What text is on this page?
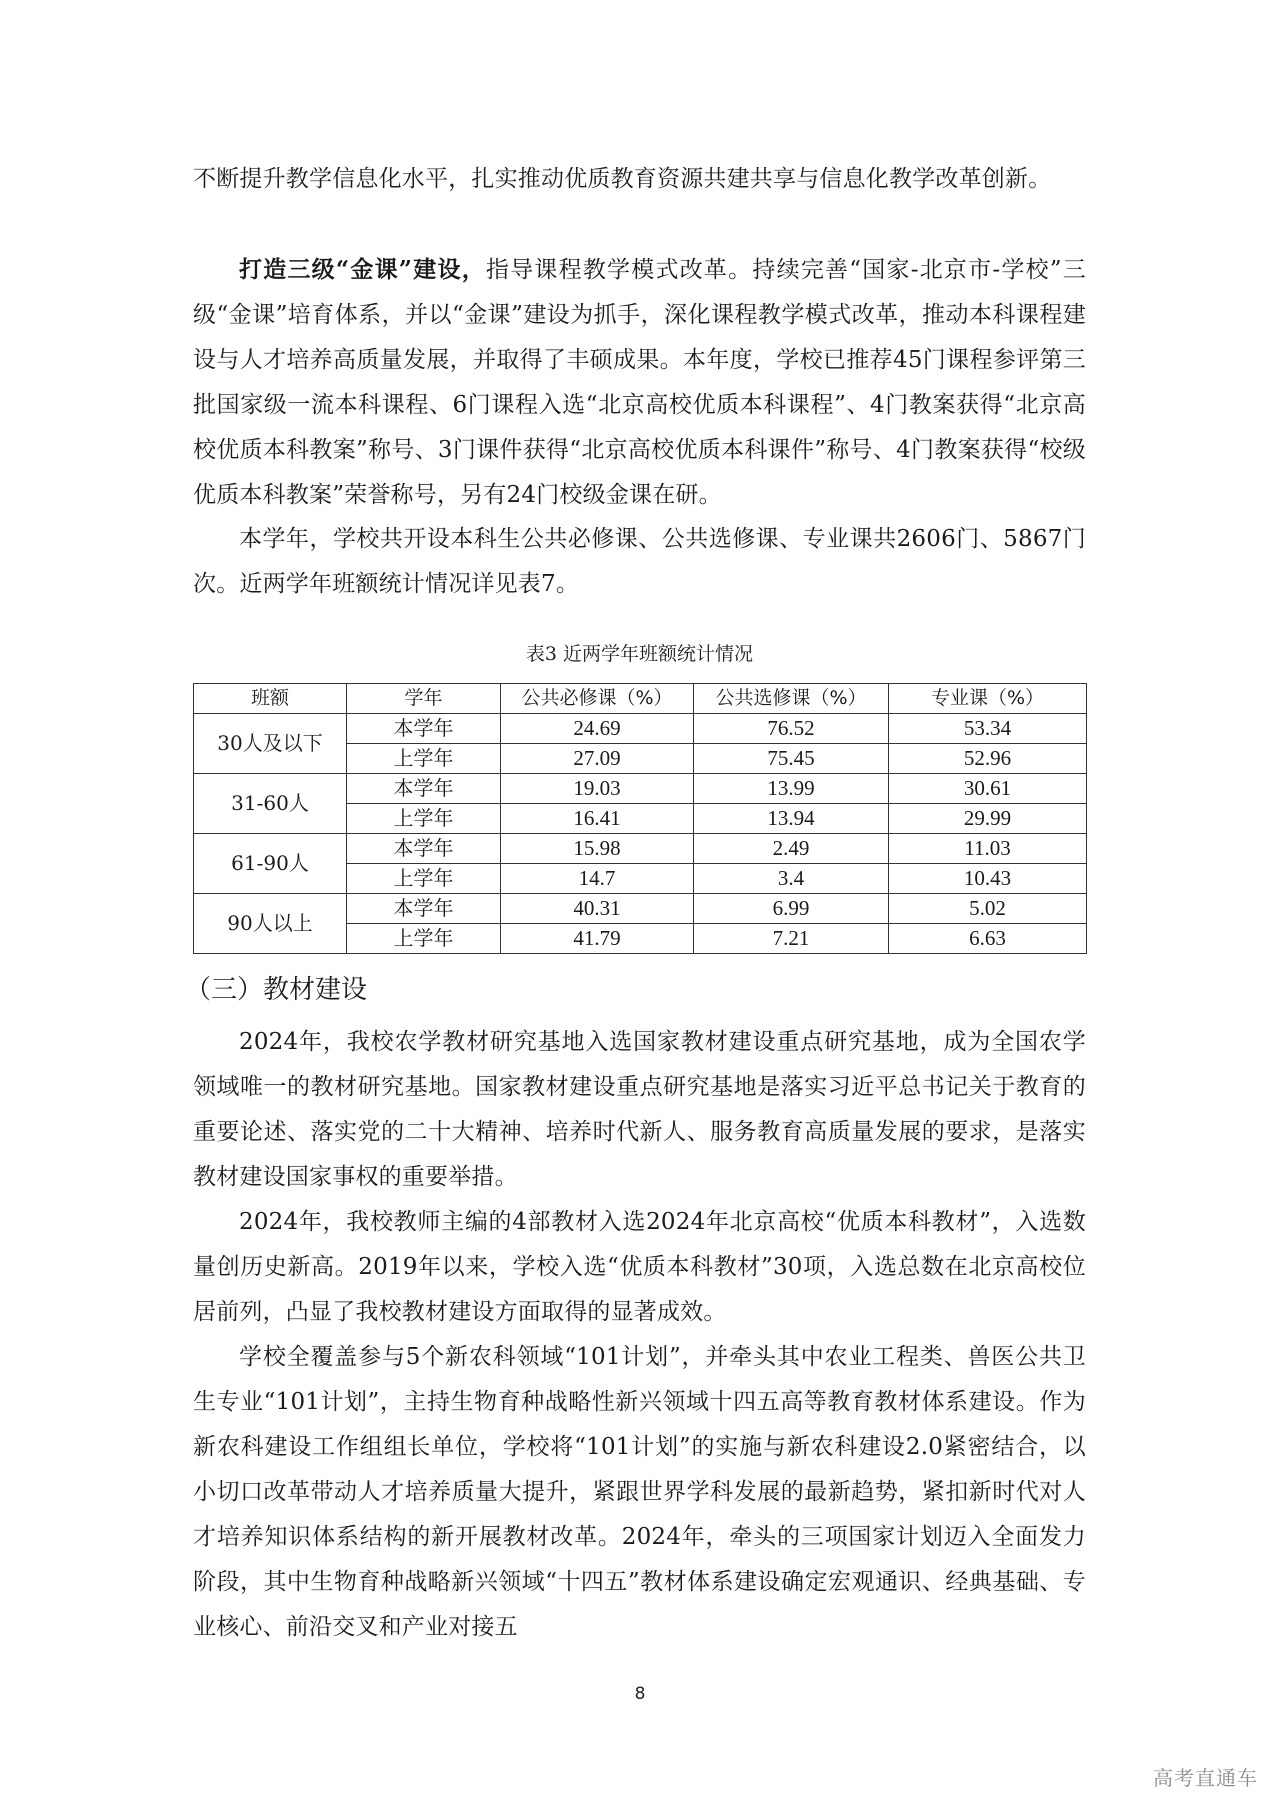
不断提升教学信息化水平，扎实推动优质教育资源共建共享与信息化教学改革创新。

打造三级“金课”建设，指导课程教学模式改革。持续完善“国家-北京市-学校”三级“金课”培育体系，并以“金课”建设为抓手，深化课程教学模式改革，推动本科课程建设与人才培养高质量发展，并取得了丰硕成果。本年度，学校已推荐45门课程参评第三批国家级一流本科课程、6门课程入选“北京高校优质本科课程”、4门教案获得“北京高校优质本科教案”称号、3门课件获得“北京高校优质本科课件”称号、4门教案获得“校级优质本科教案”荣誉称号，另有24门校级金课在研。

本学年，学校共开设本科生公共必修课、公共选修课、专业课共2606门、5867门次。近两学年班额统计情况详见表7。

表3 近两学年班额统计情况
班额	学年	公共必修课（%）	公共选修课（%）	专业课（%）
30人及以下	本学年	24.69	76.52	53.34
	上学年	27.09	75.45	52.96
31-60人	本学年	19.03	13.99	30.61
	上学年	16.41	13.94	29.99
61-90人	本学年	15.98	2.49	11.03
	上学年	14.7	3.4	10.43
90人以上	本学年	40.31	6.99	5.02
	上学年	41.79	7.21	6.63
（三）教材建设

2024年，我校农学教材研究基地入选国家教材建设重点研究基地，成为全国农学领域唯一的教材研究基地。国家教材建设重点研究基地是落实习近平总书记关于教育的重要论述、落实党的二十大精神、培养时代新人、服务教育高质量发展的要求，是落实教材建设国家事权的重要举措。

2024年，我校教师主编的4部教材入选2024年北京高校“优质本科教材”，入选数量创历史新高。2019年以来，学校入选“优质本科教材”30项，入选总数在北京高校位居前列，凸显了我校教材建设方面取得的显著成效。

学校全覆盖参与5个新农科领域“101计划”，并牵头其中农业工程类、兽医公共卫生专业“101计划”，主持生物育种战略性新兴领域十四五高等教育教材体系建设。作为新农科建设工作组组长单位，学校将“101计划”的实施与新农科建设2.0紧密结合，以小切口改革带动人才培养质量大提升，紧跟世界学科发展的最新趋势，紧扣新时代对人才培养知识体系结构的新开展教材改革。2024年，牵头的三项国家计划迈入全面发力阶段，其中生物育种战略新兴领域“十四五”教材体系建设确定宏观通识、经典基础、专业核心、前沿交叉和产业对接五

8
高考直通车
